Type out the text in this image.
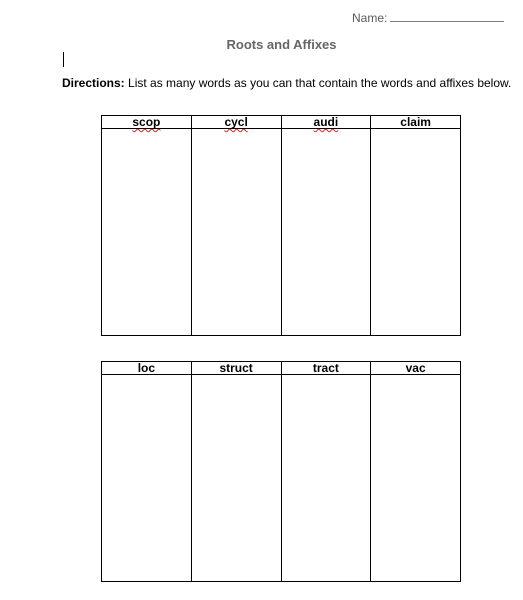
Name:
Roots and Affixes
Directions: List as many words as you can that contain the words and affixes below.
scop	cycl	audi	claim

loc	struct	tract	vac
